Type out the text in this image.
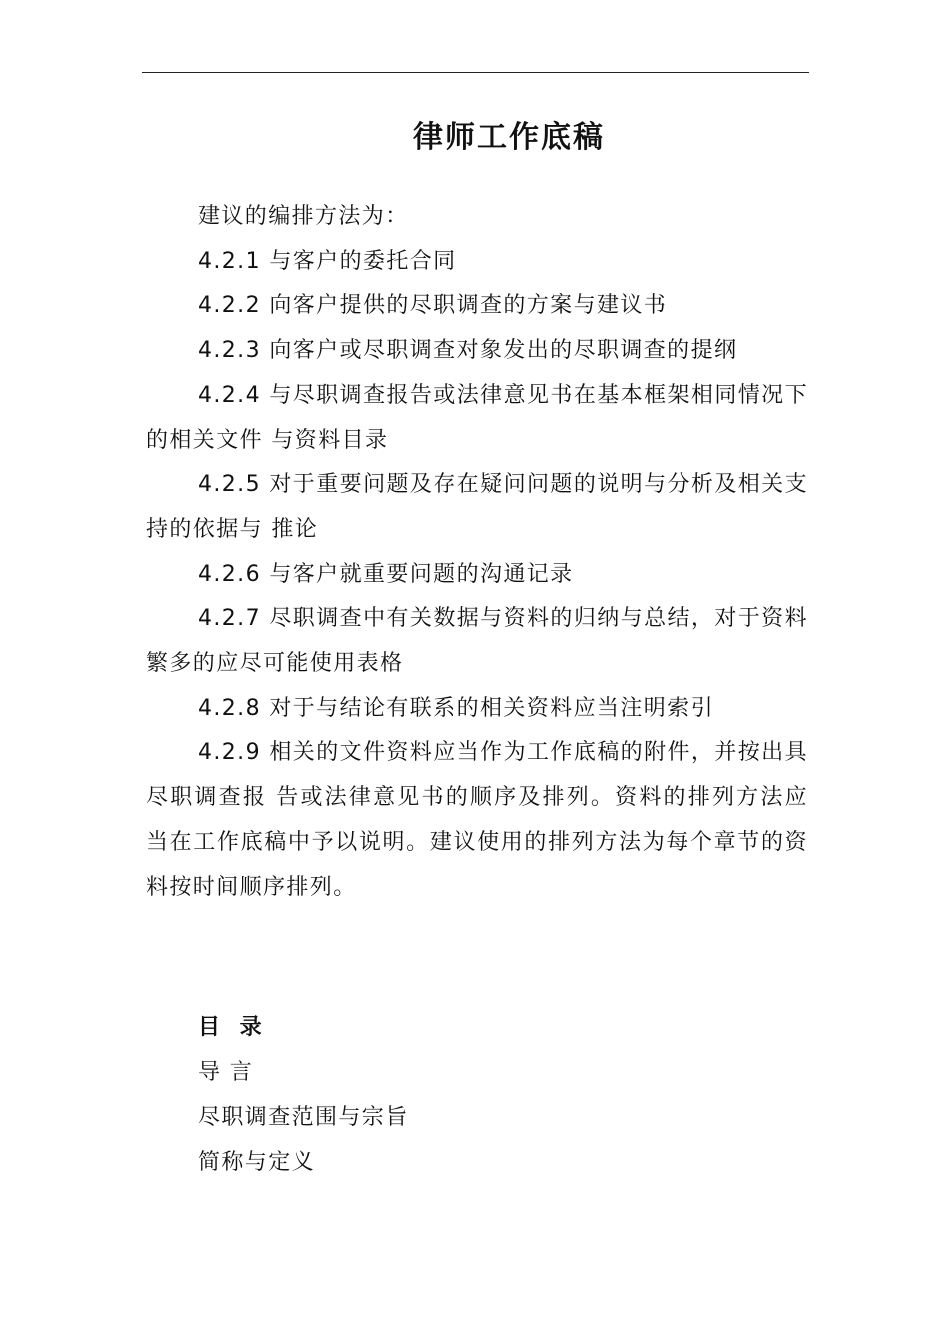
律师工作底稿

建议的编排方法为：

4.2.1 与客户的委托合同

4.2.2 向客户提供的尽职调查的方案与建议书

4.2.3 向客户或尽职调查对象发出的尽职调查的提纲

4.2.4 与尽职调查报告或法律意见书在基本框架相同情况下的相关文件 与资料目录

4.2.5 对于重要问题及存在疑问问题的说明与分析及相关支持的依据与 推论

4.2.6 与客户就重要问题的沟通记录

4.2.7 尽职调查中有关数据与资料的归纳与总结，对于资料繁多的应尽可能使用表格

4.2.8 对于与结论有联系的相关资料应当注明索引

4.2.9 相关的文件资料应当作为工作底稿的附件，并按出具尽职调查报 告或法律意见书的顺序及排列。资料的排列方法应当在工作底稿中予以说明。建议使用的排列方法为每个章节的资料按时间顺序排列。

目 录

导 言

尽职调查范围与宗旨

简称与定义
